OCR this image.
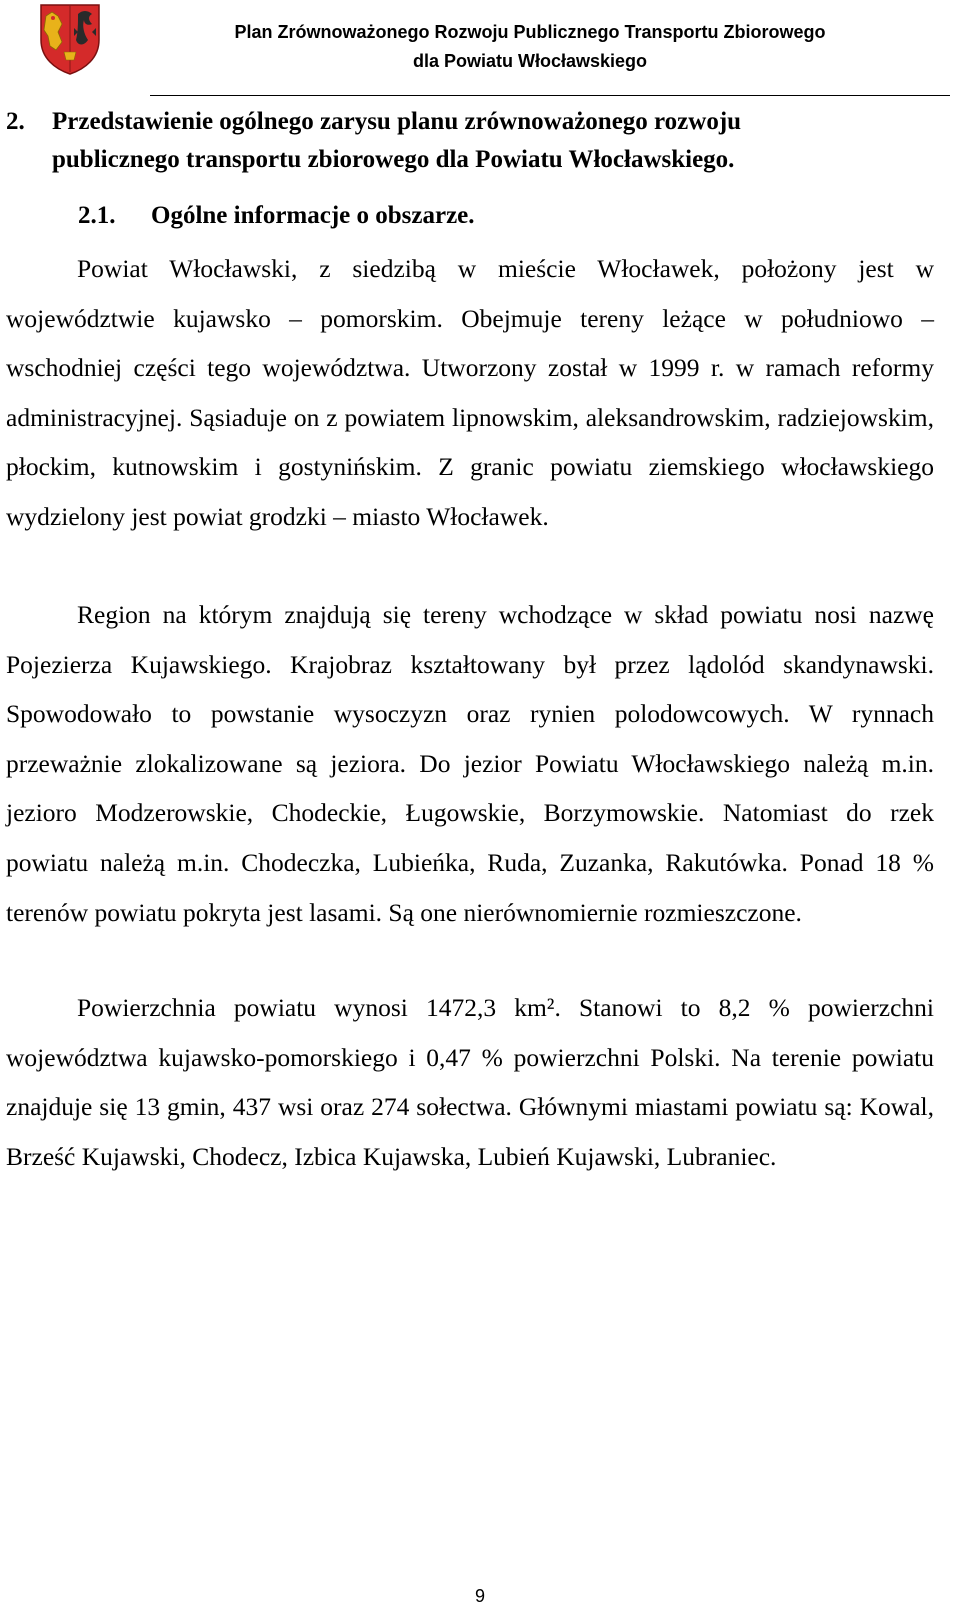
Plan Zrównoważonego Rozwoju Publicznego Transportu Zbiorowego
dla Powiatu Włocławskiego
2. Przedstawienie ogólnego zarysu planu zrównoważonego rozwoju
publicznego transportu zbiorowego dla Powiatu Włocławskiego.
2.1. Ogólne informacje o obszarze.

Powiat Włocławski, z siedzibą w mieście Włocławek, położony jest w województwie kujawsko – pomorskim. Obejmuje tereny leżące w południowo – wschodniej części tego województwa. Utworzony został w 1999 r. w ramach reformy administracyjnej. Sąsiaduje on z powiatem lipnowskim, aleksandrowskim, radziejowskim, płockim, kutnowskim i gostynińskim. Z granic powiatu ziemskiego włocławskiego wydzielony jest powiat grodzki – miasto Włocławek.

Region na którym znajdują się tereny wchodzące w skład powiatu nosi nazwę Pojezierza Kujawskiego. Krajobraz kształtowany był przez lądolód skandynawski. Spowodowało to powstanie wysoczyzn oraz rynien polodowcowych. W rynnach przeważnie zlokalizowane są jeziora. Do jezior Powiatu Włocławskiego należą m.in. jezioro Modzerowskie, Chodeckie, Ługowskie, Borzymowskie. Natomiast do rzek powiatu należą m.in. Chodeczka, Lubieńka, Ruda, Zuzanka, Rakutówka. Ponad 18 % terenów powiatu pokryta jest lasami. Są one nierównomiernie rozmieszczone.

Powierzchnia powiatu wynosi 1472,3 km². Stanowi to 8,2 % powierzchni województwa kujawsko-pomorskiego i 0,47 % powierzchni Polski. Na terenie powiatu znajduje się 13 gmin, 437 wsi oraz 274 sołectwa. Głównymi miastami powiatu są: Kowal, Brześć Kujawski, Chodecz, Izbica Kujawska, Lubień Kujawski, Lubraniec.

9
